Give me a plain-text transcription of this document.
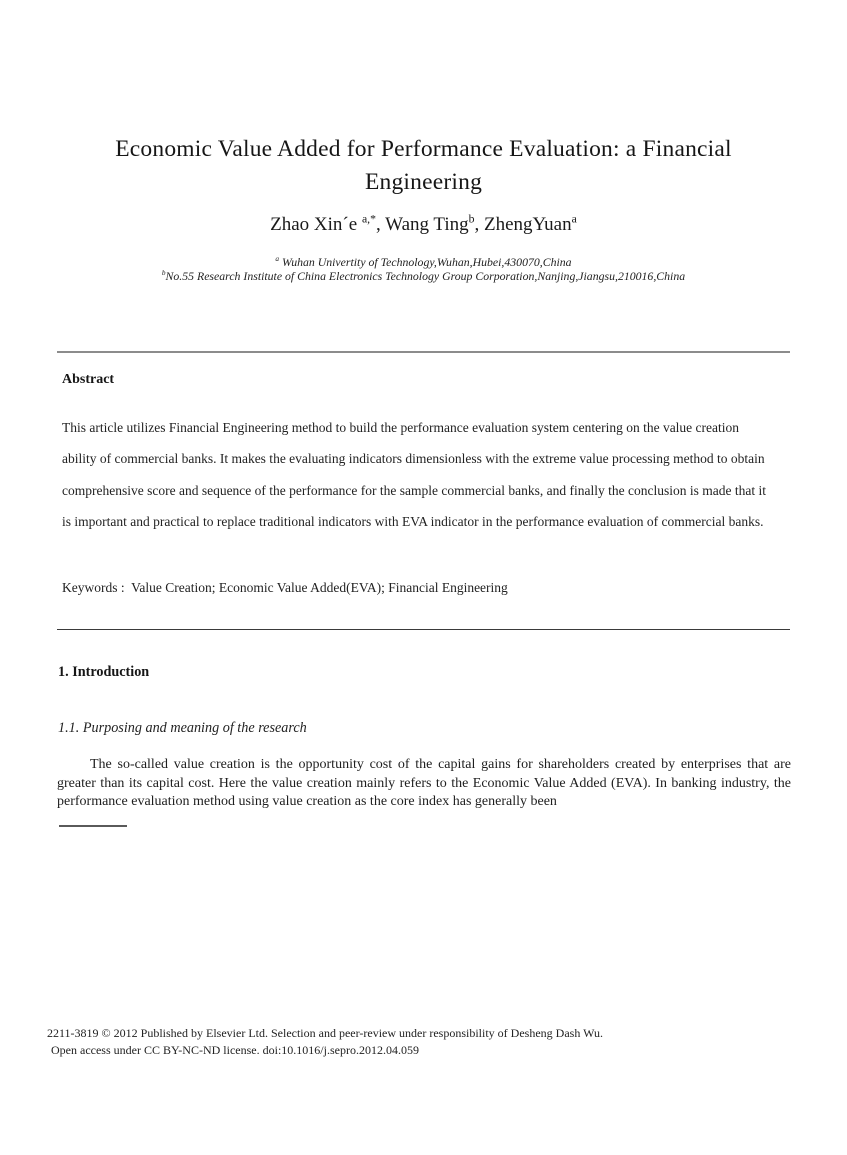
Economic Value Added for Performance Evaluation: a Financial
Engineering
Zhao Xin´e $^{a,*}$, Wang Ting$^b$, ZhengYuan$^a$
$^a$ Wuhan Univertity of Technology,Wuhan,Hubei,430070,China
$^b$No.55 Research Institute of China Electronics Technology Group Corporation,Nanjing,Jiangsu,210016,China
Abstract
This article utilizes Financial Engineering method to build the performance evaluation system centering on the value creation ability of commercial banks. It makes the evaluating indicators dimensionless with the extreme value processing method to obtain comprehensive score and sequence of the performance for the sample commercial banks, and finally the conclusion is made that it is important and practical to replace traditional indicators with EVA indicator in the performance evaluation of commercial banks.
Keywords : Value Creation; Economic Value Added(EVA); Financial Engineering
1. Introduction
1.1. Purposing and meaning of the research
The so-called value creation is the opportunity cost of the capital gains for shareholders created by enterprises that are greater than its capital cost. Here the value creation mainly refers to the Economic Value Added (EVA). In banking industry, the performance evaluation method using value creation as the core index has generally been
2211-3819 © 2012 Published by Elsevier Ltd. Selection and peer-review under responsibility of Desheng Dash Wu.
Open access under CC BY-NC-ND license. doi:10.1016/j.sepro.2012.04.059
